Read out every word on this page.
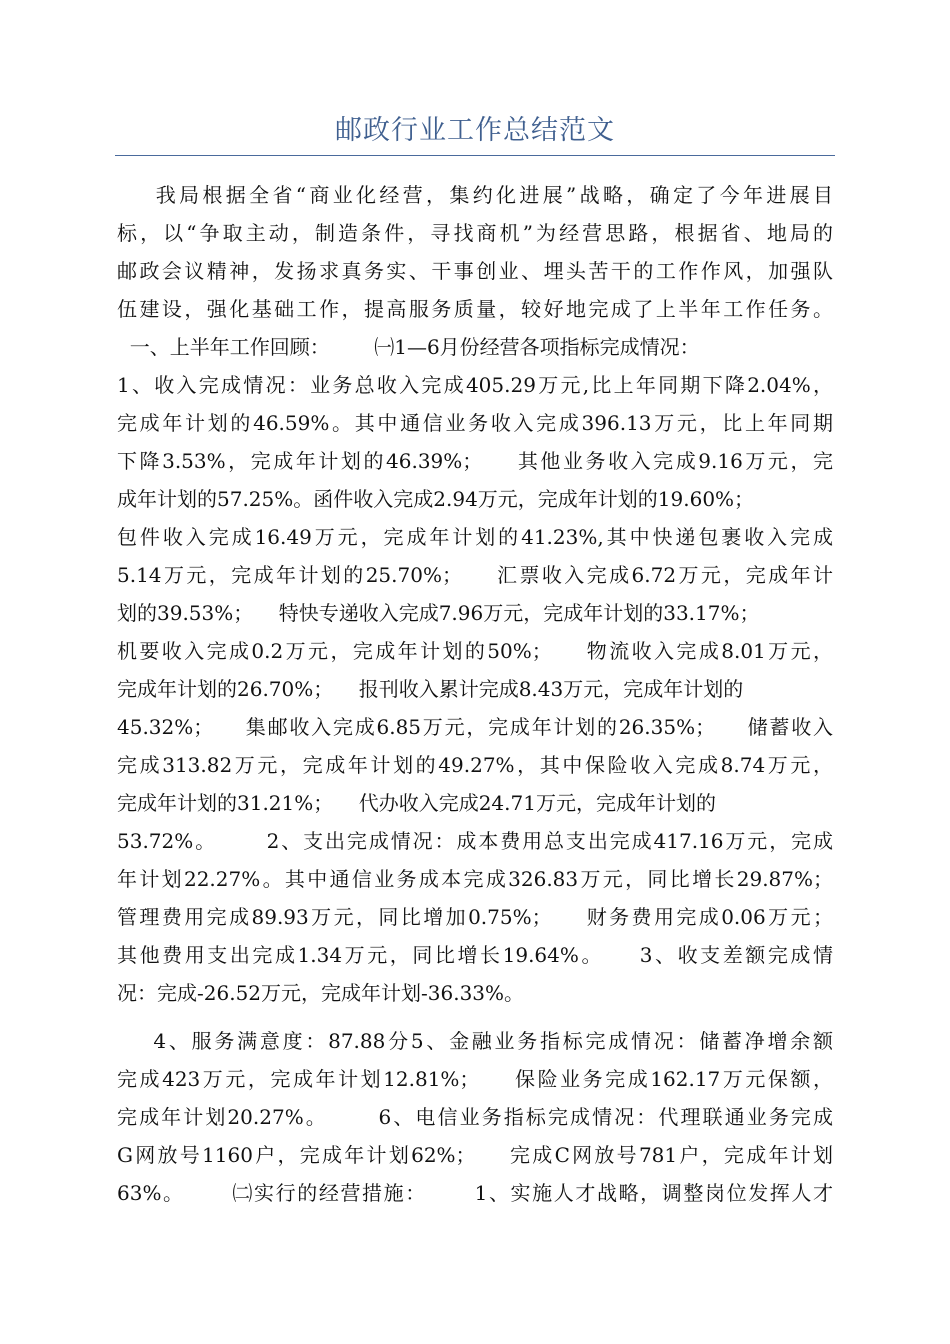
邮政行业工作总结范文
我局根据全省“商业化经营，集约化进展”战略，确定了今年进展目
标，以“争取主动，制造条件，寻找商机”为经营思路，根据省、地局的
邮政会议精神，发扬求真务实、干事创业、埋头苦干的工作作风，加强队
伍建设，强化基础工作，提高服务质量，较好地完成了上半年工作任务。
一、上半年工作回顾：       ㈠1—6月份经营各项指标完成情况：
1、收入完成情况：业务总收入完成405.29万元,比上年同期下降2.04%，
完成年计划的46.59%。其中通信业务收入完成396.13万元，比上年同期
下降3.53%，完成年计划的46.39%；    其他业务收入完成9.16万元，完
成年计划的57.25%。函件收入完成2.94万元，完成年计划的19.60%；
包件收入完成16.49万元，完成年计划的41.23%,其中快递包裹收入完成
5.14万元，完成年计划的25.70%；    汇票收入完成6.72万元，完成年计
划的39.53%；    特快专递收入完成7.96万元，完成年计划的33.17%；
机要收入完成0.2万元，完成年计划的50%；    物流收入完成8.01万元，
完成年计划的26.70%；    报刊收入累计完成8.43万元，完成年计划的
45.32%；    集邮收入完成6.85万元，完成年计划的26.35%；    储蓄收入
完成313.82万元，完成年计划的49.27%，其中保险收入完成8.74万元，
完成年计划的31.21%；    代办收入完成24.71万元，完成年计划的
53.72%。      2、支出完成情况：成本费用总支出完成417.16万元，完成
年计划22.27%。其中通信业务成本完成326.83万元，同比增长29.87%；
管理费用完成89.93万元，同比增加0.75%；    财务费用完成0.06万元；
其他费用支出完成1.34万元，同比增长19.64%。    3、收支差额完成情
况：完成-26.52万元，完成年计划-36.33%。
4、服务满意度：87.88分5、金融业务指标完成情况：储蓄净增余额
完成423万元，完成年计划12.81%；    保险业务完成162.17万元保额，
完成年计划20.27%。      6、电信业务指标完成情况：代理联通业务完成
G网放号1160户，完成年计划62%；    完成C网放号781户，完成年计划
63%。      ㈡实行的经营措施：      1、实施人才战略，调整岗位发挥人才
